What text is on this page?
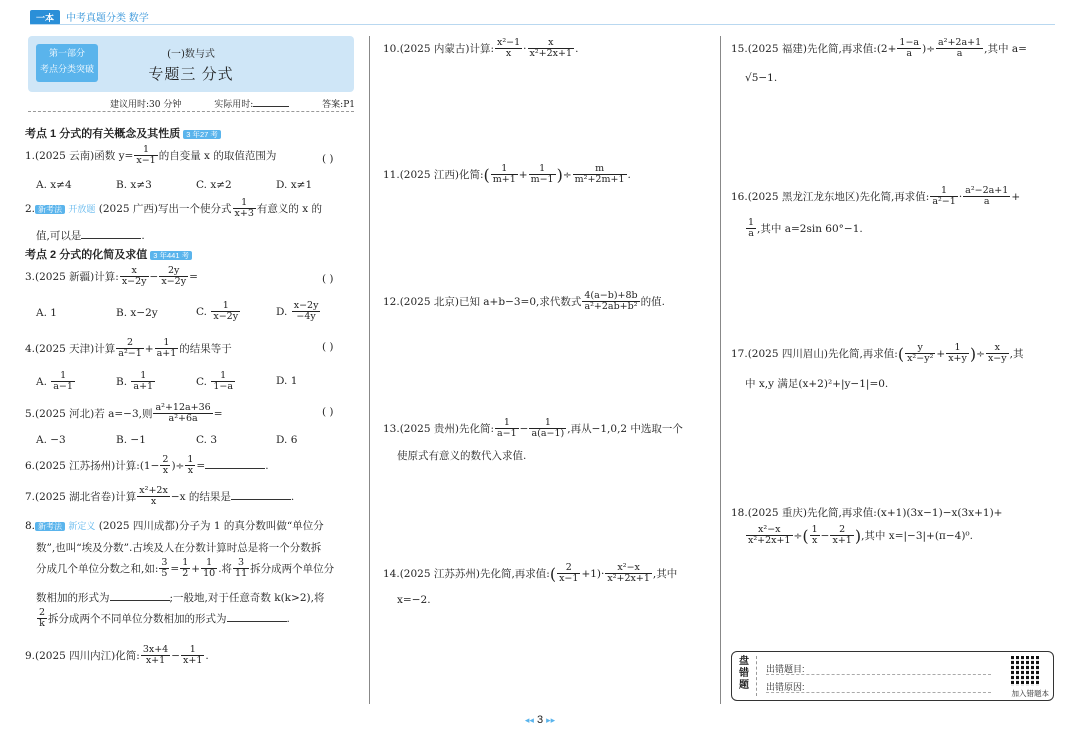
一本	中考真题分类 数学
第一部分
考点分类突破
(一)数与式
专题三 分式
建议用时:30 分钟	实际用时:	答案:P1
考点 1 分式的有关概念及其性质 3 年27 考
1.(2025 云南)函数 $y= \frac{1}{x-1}$ 的自变量 x 的取值范围为	( )
A. x≠4	B. x≠3	C. x≠2	D. x≠1
2. 新考法 开放题 (2025 广西)写出一个使分式 $\frac{1}{x+3}$ 有意义的 x 的
值,可以是	.
考点 2 分式的化简及求值 3 年441 考
3.(2025 新疆)计算: $\frac{x}{x-2y} - \frac{2y}{x-2y}$ =	( )
A. 1	B. x−2y	C. $\frac{1}{x-2y}$	D. $\frac{x-2y}{-4y}$
4.(2025 天津)计算 $\frac{2}{\text{a²−1}} + \frac{1}{a+1}$ 的结果等于	( )
A. $\frac{1}{a-1}$	B. $\frac{1}{a+1}$	C. $\frac{1}{1-a}$	D. 1
5.(2025 河北)若 a=−3,则 $\frac{\text{a²+12a+36}}{\text{a²+6a}}$ =	( )
A. −3	B. −1	C. 3	D. 6
6.(2025 江苏扬州)计算:(1− $\frac{2}{x}$ )÷ $\frac{1}{x}$ =	.
7.(2025 湖北省卷)计算 $\frac{\text{x²+2x}}{x} -x$ 的结果是	.
8. 新考法 新定义 (2025 四川成都)分子为 1 的真分数叫做“单位分
数”,也叫“埃及分数”.古埃及人在分数计算时总是将一个分数拆
分成几个单位分数之和,如: $\frac{3}{5} = \frac{1}{2} + \frac{1}{10}$ .将 $\frac{3}{11}$ 拆分成两个单位分
数相加的形式为	;一般地,对于任意奇数 k(k>2),将
$\frac{2}{k}$ 拆分成两个不同单位分数相加的形式为	.
9.(2025 四川内江)化简: $\frac{3x+4}{x+1} - \frac{1}{x+1}$ .
10.(2025 内蒙古)计算: $\frac{\text{x²−1}}{x} \cdot \frac{x}{\text{x²+2x+1}}$ .
11.(2025 江西)化简:( $\frac{1}{m+1} + \frac{1}{m-1}$ )÷ $\frac{m}{\text{m²+2m+1}}$ .
12.(2025 北京)已知 a+b−3=0,求代数式 $\frac{4(a-b)+8b}{\text{a²+2ab+b²}}$ 的值.
13.(2025 贵州)先化简: $\frac{1}{a-1} - \frac{1}{a(a-1)}$ ,再从−1,0,2 中选取一个
使原式有意义的数代入求值.
14.(2025 江苏苏州)先化简,再求值:( $\frac{2}{x-1} +1)\cdot \frac{\text{x²−x}}{\text{x²+2x+1}}$ ,其中
x=−2.
15.(2025 福建)先化简,再求值:(2+ $\frac{1-a}{a}$ )÷ $\frac{\text{a²+2a+1}}{a}$ ,其中 a=
√5−1.
16.(2025 黑龙江龙东地区)先化简,再求值: $\frac{1}{\text{a²−1}} \cdot \frac{\text{a²−2a+1}}{a}$ +
$\frac{1}{a}$ ,其中 a=2sin 60°−1.
17.(2025 四川眉山)先化简,再求值:( $\frac{y}{\text{x²−y²}} + \frac{1}{x+y}$ )÷ $\frac{x}{x-y}$ ,其
中 x,y 满足(x+2)²+|y−1|=0.
18.(2025 重庆)先化简,再求值:(x+1)(3x−1)−x(3x+1)+
$\frac{\text{x²−x}}{\text{x²+2x+1}}$ ÷( $\frac{1}{x} - \frac{2}{x+1}$ ),其中 x=|−3|+(π−4)⁰.
盘错题
出错题目:
出错原因:
加入错题本
◂◂ 3 ▸▸
